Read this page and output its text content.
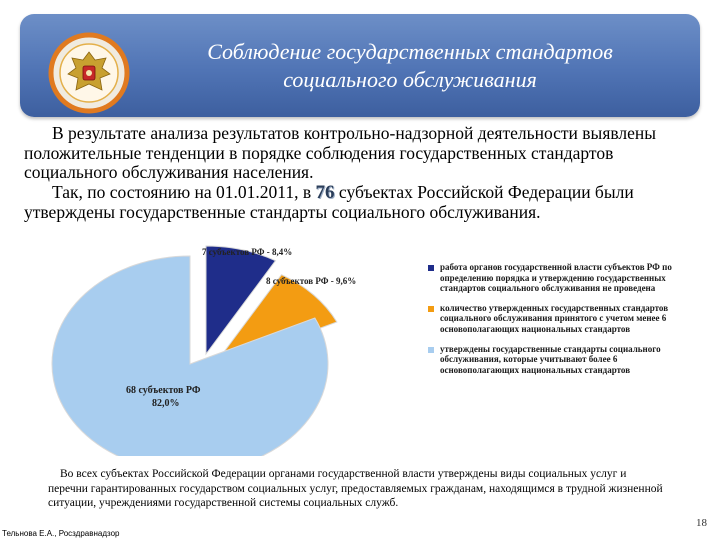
Соблюдение государственных стандартов
социального обслуживания
В результате анализа результатов контрольно-надзорной деятельности выявлены положительные тенденции в порядке соблюдения государственных стандартов социального обслуживания населения.
Так, по состоянию на 01.01.2011, в 76 субъектах Российской Федерации были утверждены государственные стандарты социального обслуживания.
7 субъектов РФ - 8,4%
8 субъектов РФ - 9,6%
68 субъектов РФ
82,0%
работа органов государственной власти субъектов РФ по определению порядка и утверждению государственных стандартов социального обслуживания не проведена
количество утвержденных государственных стандартов социального обслуживания принятого с учетом менее 6 основополагающих национальных стандартов
утверждены государственные стандарты социального обслуживания, которые учитывают более 6 основополагающих национальных стандартов
Во всех субъектах Российской Федерации органами государственной власти утверждены виды социальных услуг и перечни гарантированных государством социальных услуг, предоставляемых гражданам, находящимся в трудной жизненной ситуации, учреждениями государственной системы социальных служб.
Тельнова Е.А., Росздравнадзор
18
